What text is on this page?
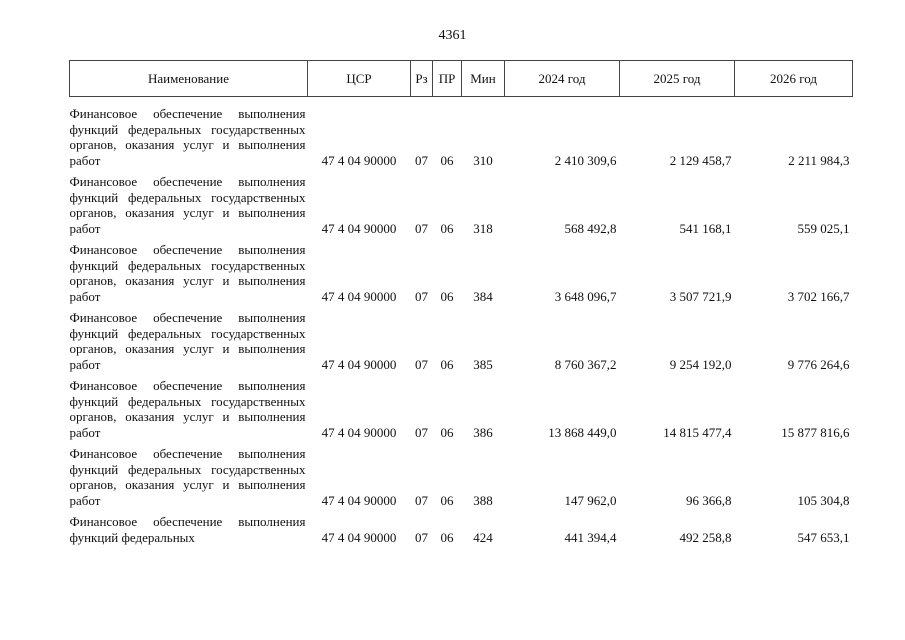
4361
Наименование	ЦСР	Рз	ПР	Мин	2024 год	2025 год	2026 год
Финансовое обеспечение выполнения функций федеральных государственных органов, оказания услуг и выполнения работ	47 4 04 90000	07	06	310	2 410 309,6	2 129 458,7	2 211 984,3
Финансовое обеспечение выполнения функций федеральных государственных органов, оказания услуг и выполнения работ	47 4 04 90000	07	06	318	568 492,8	541 168,1	559 025,1
Финансовое обеспечение выполнения функций федеральных государственных органов, оказания услуг и выполнения работ	47 4 04 90000	07	06	384	3 648 096,7	3 507 721,9	3 702 166,7
Финансовое обеспечение выполнения функций федеральных государственных органов, оказания услуг и выполнения работ	47 4 04 90000	07	06	385	8 760 367,2	9 254 192,0	9 776 264,6
Финансовое обеспечение выполнения функций федеральных государственных органов, оказания услуг и выполнения работ	47 4 04 90000	07	06	386	13 868 449,0	14 815 477,4	15 877 816,6
Финансовое обеспечение выполнения функций федеральных государственных органов, оказания услуг и выполнения работ	47 4 04 90000	07	06	388	147 962,0	96 366,8	105 304,8
Финансовое обеспечение выполнения функций федеральных	47 4 04 90000	07	06	424	441 394,4	492 258,8	547 653,1
